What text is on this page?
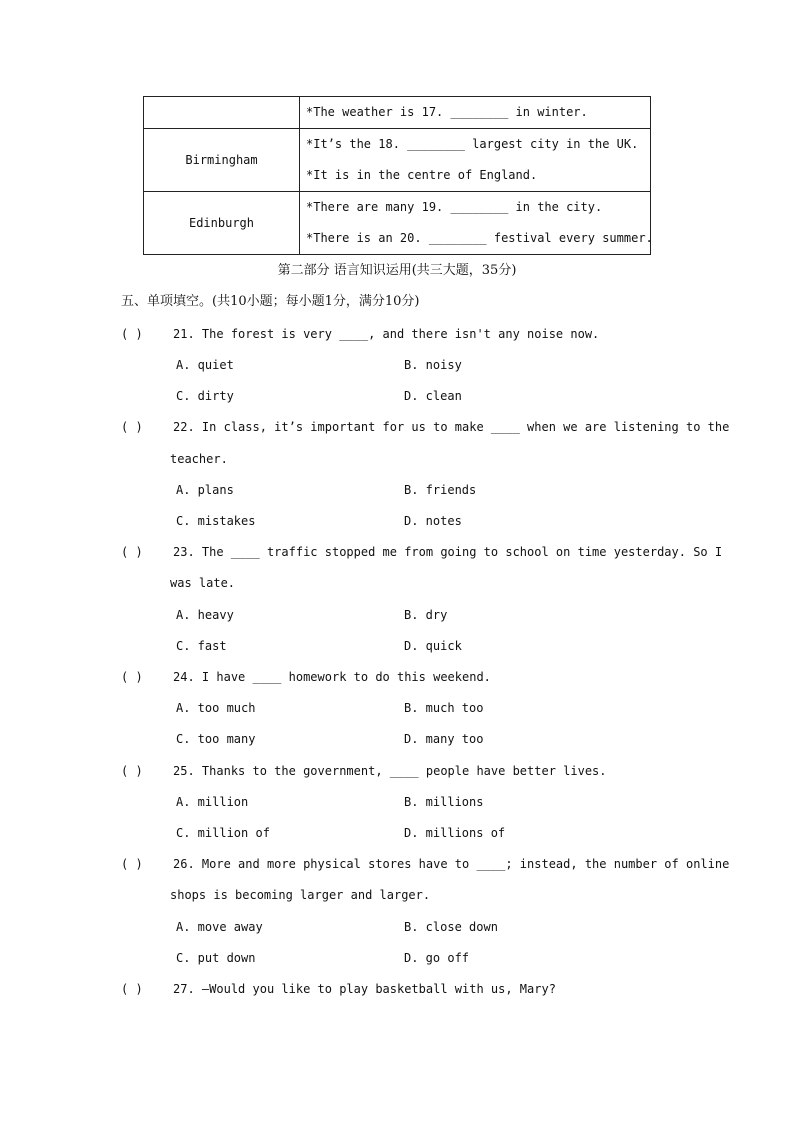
	*The weather is 17. ________ in winter.

Birmingham	*It’s the 18. ________ largest city in the UK.
*It is in the centre of England.

Edinburgh	*There are many 19. ________ in the city.
*There is an 20. ________ festival every summer.
第二部分 语言知识运用(共三大题，35分)
五、单项填空。(共10小题；每小题1分，满分10分)
( )	21. The forest is very ____, and there isn't any noise now.
A. quiet	B. noisy
C. dirty	D. clean
( )	22. In class, it’s important for us to make ____ when we are listening to the
teacher.
A. plans	B. friends
C. mistakes	D. notes
( )	23. The ____ traffic stopped me from going to school on time yesterday. So I
was late.
A. heavy	B. dry
C. fast	D. quick
( )	24. I have ____ homework to do this weekend.
A. too much	B. much too
C. too many	D. many too
( )	25. Thanks to the government, ____ people have better lives.
A. million	B. millions
C. million of	D. millions of
( )	26. More and more physical stores have to ____; instead, the number of online
shops is becoming larger and larger.
A. move away	B. close down
C. put down	D. go off
( )	27. —Would you like to play basketball with us, Mary?
